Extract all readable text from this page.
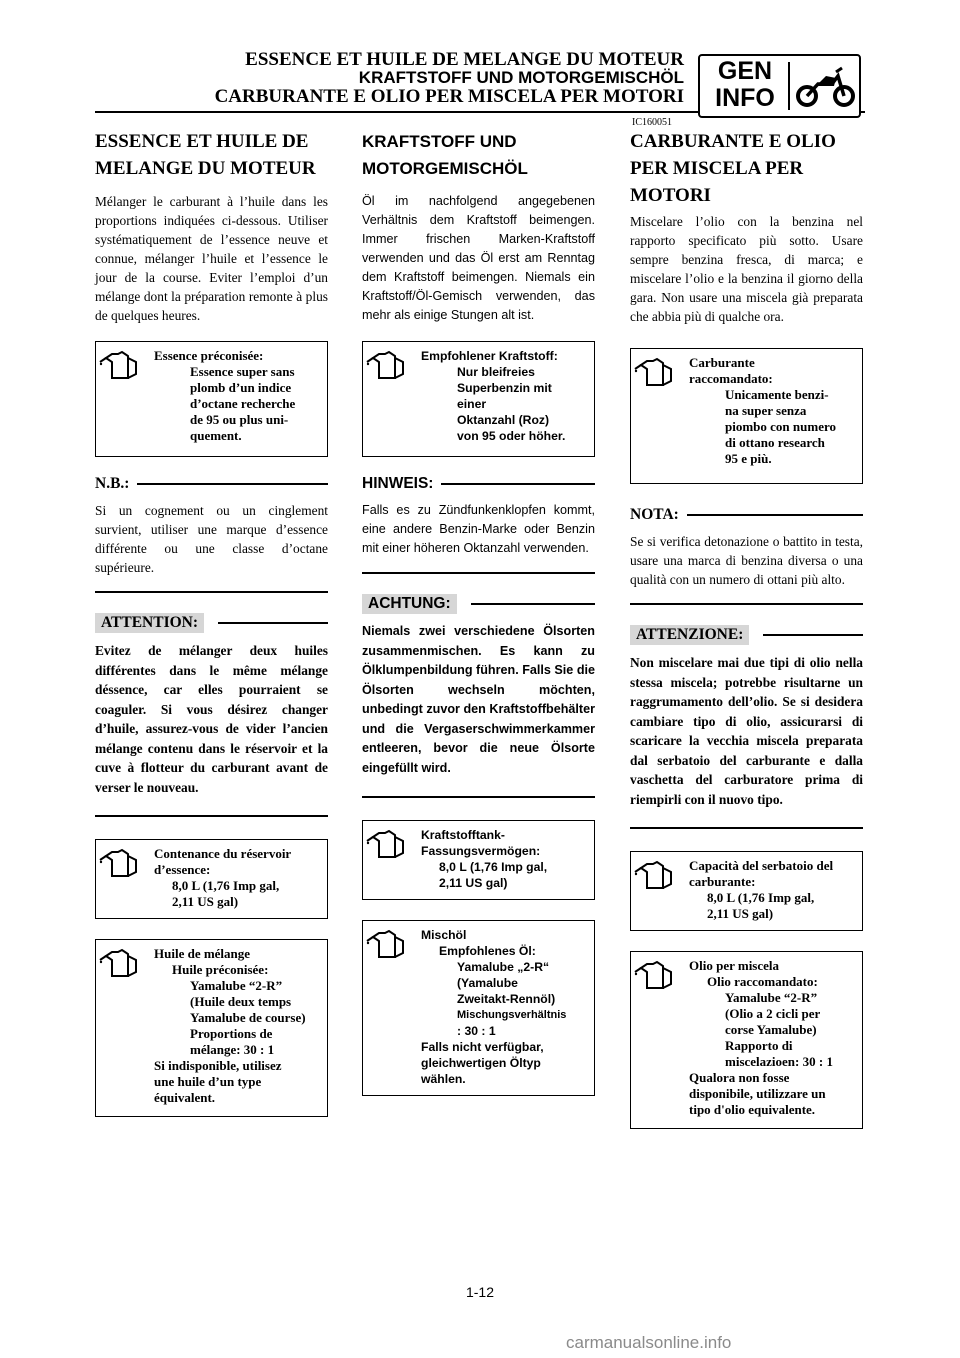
ESSENCE ET HUILE DE MELANGE DU MOTEUR
KRAFTSTOFF UND MOTORGEMISCHÖL
CARBURANTE E OLIO PER MISCELA PER MOTORI
GEN
INFO
IC160051
ESSENCE ET HUILE DE
MELANGE DU MOTEUR

Mélanger le carburant à l’huile dans les proportions indiquées ci-dessous. Utiliser systématiquement de l’essence neuve et connue, mélanger l’huile et l’essence le jour de la course. Eviter l’emploi d’un mélange dont la préparation remonte à plus de quelques heures.

Essence préconisée:
Essence super sans
plomb d’un indice
d’octane recherche
de 95 ou plus uni-
quement.
N.B.:

Si un cognement ou un cinglement survient, utiliser une marque d’essence différente ou une classe d’octane supérieure.

ATTENTION:

Evitez de mélanger deux huiles différentes dans le même mélange déssence, car elles pourraient se coaguler. Si vous désirez changer d’huile, assurez-vous de vider l’ancien mélange contenu dans le réservoir et la cuve à flotteur du carburant avant de verser le nouveau.

Contenance du réservoir
d’essence:
8,0 L (1,76 Imp gal,
2,11 US gal)
Huile de mélange
Huile préconisée:
Yamalube “2-R”
(Huile deux temps
Yamalube de course)
Proportions de
mélange: 30 : 1
Si indisponible, utilisez
une huile d’un type
équivalent.
KRAFTSTOFF UND
MOTORGEMISCHÖL

Öl im nachfolgend angegebenen Verhältnis dem Kraftstoff beimengen. Immer frischen Marken-Kraftstoff verwenden und das Öl erst am Renntag dem Kraftstoff beimengen. Niemals ein Kraftstoff/Öl-Gemisch verwenden, das mehr als einige Stungen alt ist.

Empfohlener Kraftstoff:
Nur bleifreies
Superbenzin mit
einer
Oktanzahl (Roz)
von 95 oder höher.
HINWEIS:

Falls es zu Zündfunkenklopfen kommt, eine andere Benzin-Marke oder Benzin mit einer höheren Oktanzahl verwenden.

ACHTUNG:

Niemals zwei verschiedene Ölsorten zusammenmischen. Es kann zu Ölklumpenbildung führen. Falls Sie die Ölsorten wechseln möchten, unbedingt zuvor den Kraftstoffbehälter und die Vergaserschwimmerkammer entleeren, bevor die neue Ölsorte eingefüllt wird.

Kraftstofftank-
Fassungsvermögen:
8,0 L (1,76 Imp gal,
2,11 US gal)
Mischöl
Empfohlenes Öl:
Yamalube „2-R“
(Yamalube
Zweitakt-Rennöl)
Mischungsverhältnis
: 30 : 1
Falls nicht verfügbar,
gleichwertigen Öltyp
wählen.
CARBURANTE E OLIO
PER MISCELA PER
MOTORI

Miscelare l’olio con la benzina nel rapporto specificato più sotto. Usare sempre benzina fresca, di marca; e miscelare l’olio e la benzina il giorno della gara. Non usare una miscela già preparata che abbia più di qualche ora.

Carburante
raccomandato:
Unicamente benzi-
na super senza
piombo con numero
di ottano research
95 e più.
NOTA:

Se si verifica detonazione o battito in testa, usare una marca di benzina diversa o una qualità con un numero di ottani più alto.

ATTENZIONE:

Non miscelare mai due tipi di olio nella stessa miscela; potrebbe risultarne un raggrumamento dell’olio. Se si desidera cambiare tipo di olio, assicurarsi di scaricare la vecchia miscela preparata dal serbatoio del carburante e dalla vaschetta del carburatore prima di riempirli con il nuovo tipo.

Capacità del serbatoio del
carburante:
8,0 L (1,76 Imp gal,
2,11 US gal)
Olio per miscela
Olio raccomandato:
Yamalube “2-R”
(Olio a 2 cicli per
corse Yamalube)
Rapporto di
miscelazioen: 30 : 1
Qualora non fosse
disponibile, utilizzare un
tipo d'olio equivalente.
1-12
carmanualsonline.info
